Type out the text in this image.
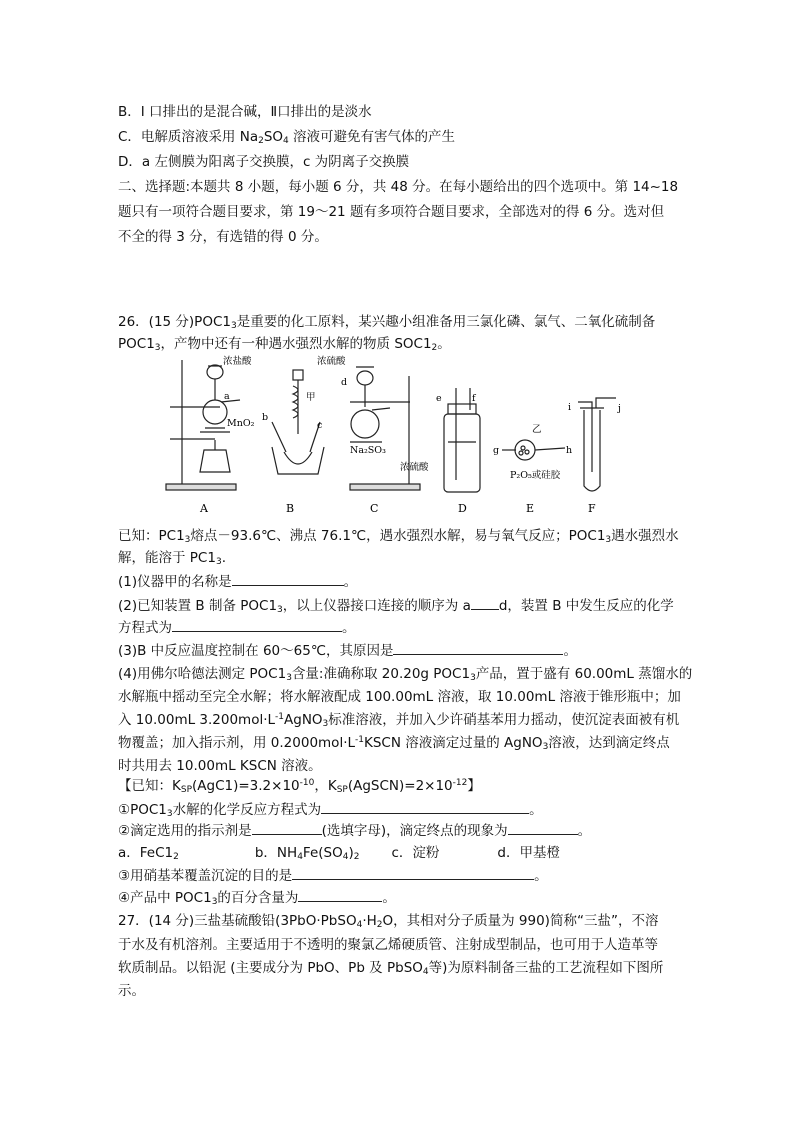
B．I 口排出的是混合碱，Ⅱ口排出的是淡水
C．电解质溶液采用 $Na_2SO_4$ 溶液可避免有害气体的产生
D．a 左侧膜为阳离子交换膜，c 为阴离子交换膜
二、选择题:本题共 8 小题，每小题 6 分，共 48 分。在每小题给出的四个选项中。第 14~18
题只有一项符合题目要求，第 19～21 题有多项符合题目要求，全部选对的得 6 分。选对但
不全的得 3 分，有选错的得 0 分。
26．(15 分)$POC1_3$是重要的化工原料，某兴趣小组准备用三氯化磷、氯气、二氧化硫制备
$POC1_3$，产物中还有一种遇水强烈水解的物质 $SOC1_2$。
浓盐酸
a
MnO₂
b
甲
c
浓硫酸
d
Na₂SO₃
e	f
浓硫酸
乙
g	h
P₂O₅或硅胶
i	j
A	B	C	D	E	F
已知：$PC1_3$熔点－93.6℃、沸点 76.1℃，遇水强烈水解，易与氧气反应；$POC1_3$遇水强烈水
解，能溶于 $PC1_3$.
(1)仪器甲的名称是	。
(2)已知装置 B 制备 $POC1_3$，以上仪器接口连接的顺序为 a d，装置 B 中发生反应的化学
方程式为	。
(3)B 中反应温度控制在 60～65℃，其原因是	。
(4)用佛尔哈德法测定 $POC1_3$含量:准确称取 20.20g $POC1_3$产品，置于盛有 60.00mL 蒸馏水的
水解瓶中摇动至完全水解；将水解液配成 100.00mL 溶液，取 10.00mL 溶液于锥形瓶中；加
入 10.00mL $3.200mol\cdot L^{-1}AgNO_3$标准溶液，并加入少许硝基苯用力摇动，使沉淀表面被有机
物覆盖；加入指示剂，用 $0.2000mol\cdot L^{-1}KSCN$ 溶液滴定过量的 AgNO$_3$溶液，达到滴定终点
时共用去 10.00mL KSCN 溶液。
【已知：$K_{SP}(AgC1)=3.2\times 10^{-10}$，$K_{SP}(AgSCN)=2\times 10^{-12}$】
$①POC1_3$水解的化学反应方程式为	。
②滴定选用的指示剂是	(选填字母)，滴定终点的现象为	。
a．$FeC1_2$	b．$NH_4Fe(SO_4)_2$ c．淀粉	d．甲基橙
③用硝基苯覆盖沉淀的目的是	。
④产品中 $POC1_3$的百分含量为	。
27．(14 分)三盐基硫酸铅($3PbO\cdot PbSO_4\cdot H_2O$，其相对分子质量为 990)简称“三盐”，不溶
于水及有机溶剂。主要适用于不透明的聚氯乙烯硬质管、注射成型制品，也可用于人造革等
软质制品。以铅泥 (主要成分为 PbO、Pb 及 PbSO$_4$等)为原料制备三盐的工艺流程如下图所
示。
